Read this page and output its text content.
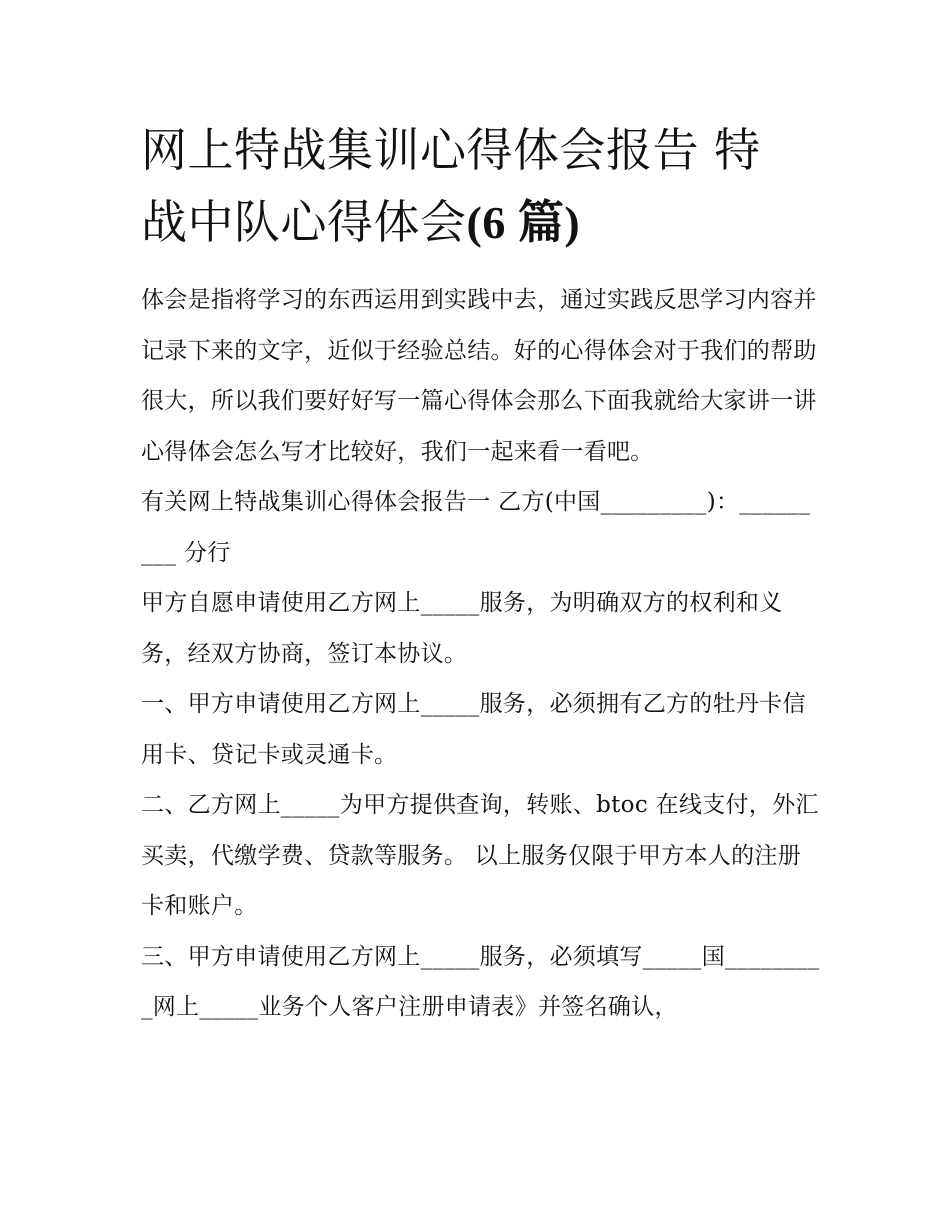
网上特战集训心得体会报告 特
战中队心得体会(6 篇)

体会是指将学习的东西运用到实践中去，通过实践反思学习内容并记录下来的文字，近似于经验总结。好的心得体会对于我们的帮助很大，所以我们要好好写一篇心得体会那么下面我就给大家讲一讲心得体会怎么写才比较好，我们一起来看一看吧。

有关网上特战集训心得体会报告一 乙方(中国_________)：_________ 分行

甲方自愿申请使用乙方网上_____服务，为明确双方的权利和义务，经双方协商，签订本协议。

一、甲方申请使用乙方网上_____服务，必须拥有乙方的牡丹卡信用卡、贷记卡或灵通卡。

二、乙方网上_____为甲方提供查询，转账、btoc 在线支付，外汇买卖，代缴学费、贷款等服务。 以上服务仅限于甲方本人的注册卡和账户。

三、甲方申请使用乙方网上_____服务，必须填写_____国_________网上_____业务个人客户注册申请表》并签名确认，
